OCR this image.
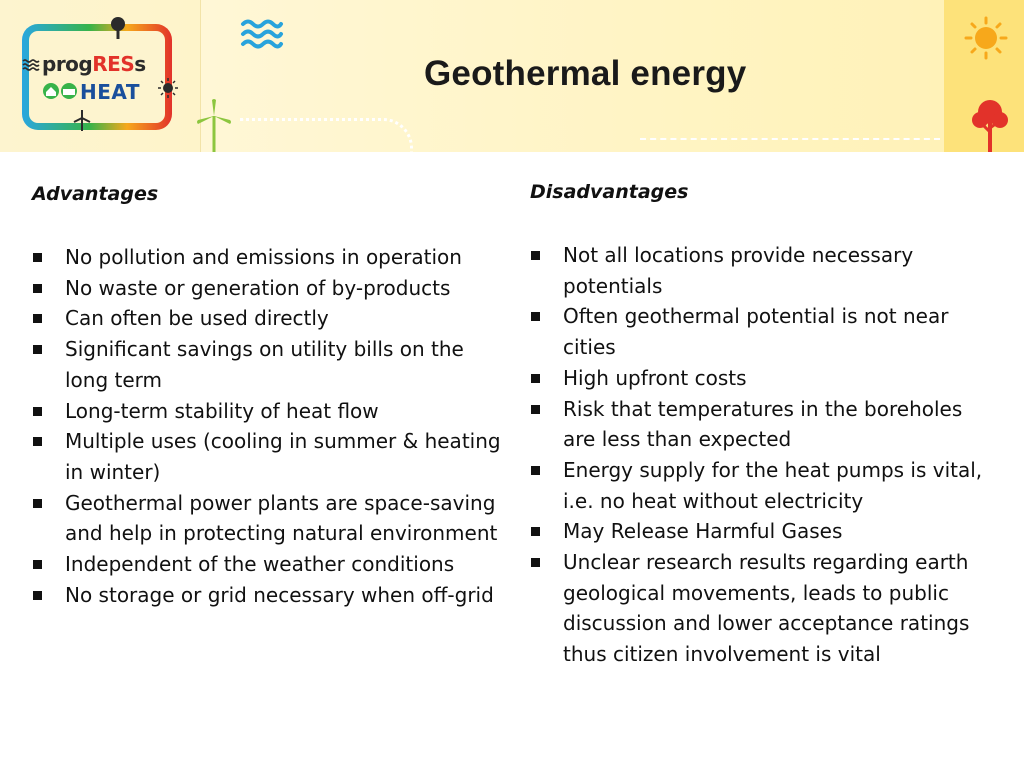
progRESs
HEAT	Geothermal energy
Advantages
No pollution and emissions in operation
No waste or generation of by-products
Can often be used directly
Significant savings on utility bills on the long term
Long-term stability of heat flow
Multiple uses (cooling in summer & heating in winter)
Geothermal power plants are space-saving and help in protecting natural environment
Independent of the weather conditions
No storage or grid necessary when off-grid
Disadvantages
Not all locations provide necessary potentials
Often geothermal potential is not near cities
High upfront costs
Risk that temperatures in the boreholes are less than expected
Energy supply for the heat pumps is vital, i.e. no heat without electricity
May Release Harmful Gases
Unclear research results regarding earth geological movements, leads to public discussion and lower acceptance ratings thus citizen involvement is vital
